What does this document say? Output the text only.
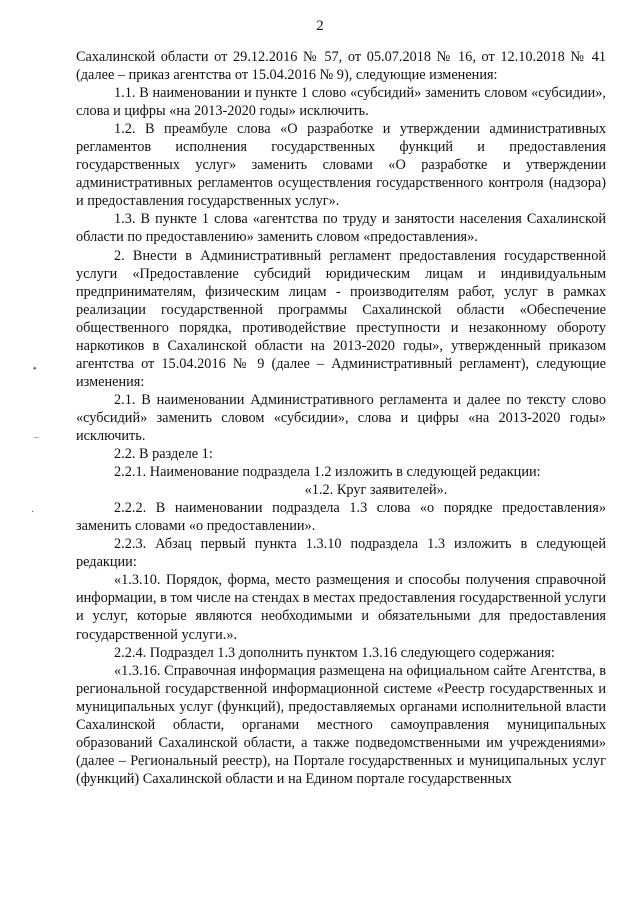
2
•
–
·

Сахалинской области от 29.12.2016 № 57, от 05.07.2018 № 16, от 12.10.2018 № 41 (далее – приказ агентства от 15.04.2016 № 9), следующие изменения:

1.1. В наименовании и пункте 1 слово «субсидий» заменить словом «субсидии», слова и цифры «на 2013-2020 годы» исключить.

1.2. В преамбуле слова «О разработке и утверждении административных регламентов исполнения государственных функций и предоставления государственных услуг» заменить словами «О разработке и утверждении административных регламентов осуществления государственного контроля (надзора) и предоставления государственных услуг».

1.3. В пункте 1 слова «агентства по труду и занятости населения Сахалинской области по предоставлению» заменить словом «предоставления».

2. Внести в Административный регламент предоставления государственной услуги «Предоставление субсидий юридическим лицам и индивидуальным предпринимателям, физическим лицам - производителям работ, услуг в рамках реализации государственной программы Сахалинской области «Обеспечение общественного порядка, противодействие преступности и незаконному обороту наркотиков в Сахалинской области на 2013-2020 годы», утвержденный приказом агентства от 15.04.2016 № 9 (далее – Административный регламент), следующие изменения:

2.1. В наименовании Административного регламента и далее по тексту слово «субсидий» заменить словом «субсидии», слова и цифры «на 2013-2020 годы» исключить.

2.2. В разделе 1:

2.2.1. Наименование подраздела 1.2 изложить в следующей редакции:

«1.2. Круг заявителей».

2.2.2. В наименовании подраздела 1.3 слова «о порядке предоставления» заменить словами «о предоставлении».

2.2.3. Абзац первый пункта 1.3.10 подраздела 1.3 изложить в следующей редакции:

«1.3.10. Порядок, форма, место размещения и способы получения справочной информации, в том числе на стендах в местах предоставления государственной услуги и услуг, которые являются необходимыми и обязательными для предоставления государственной услуги.».

2.2.4. Подраздел 1.3 дополнить пунктом 1.3.16 следующего содержания:

«1.3.16. Справочная информация размещена на официальном сайте Агентства, в региональной государственной информационной системе «Реестр государственных и муниципальных услуг (функций), предоставляемых органами исполнительной власти Сахалинской области, органами местного самоуправления муниципальных образований Сахалинской области, а также подведомственными им учреждениями» (далее – Региональный реестр), на Портале государственных и муниципальных услуг (функций) Сахалинской области и на Едином портале государственных
